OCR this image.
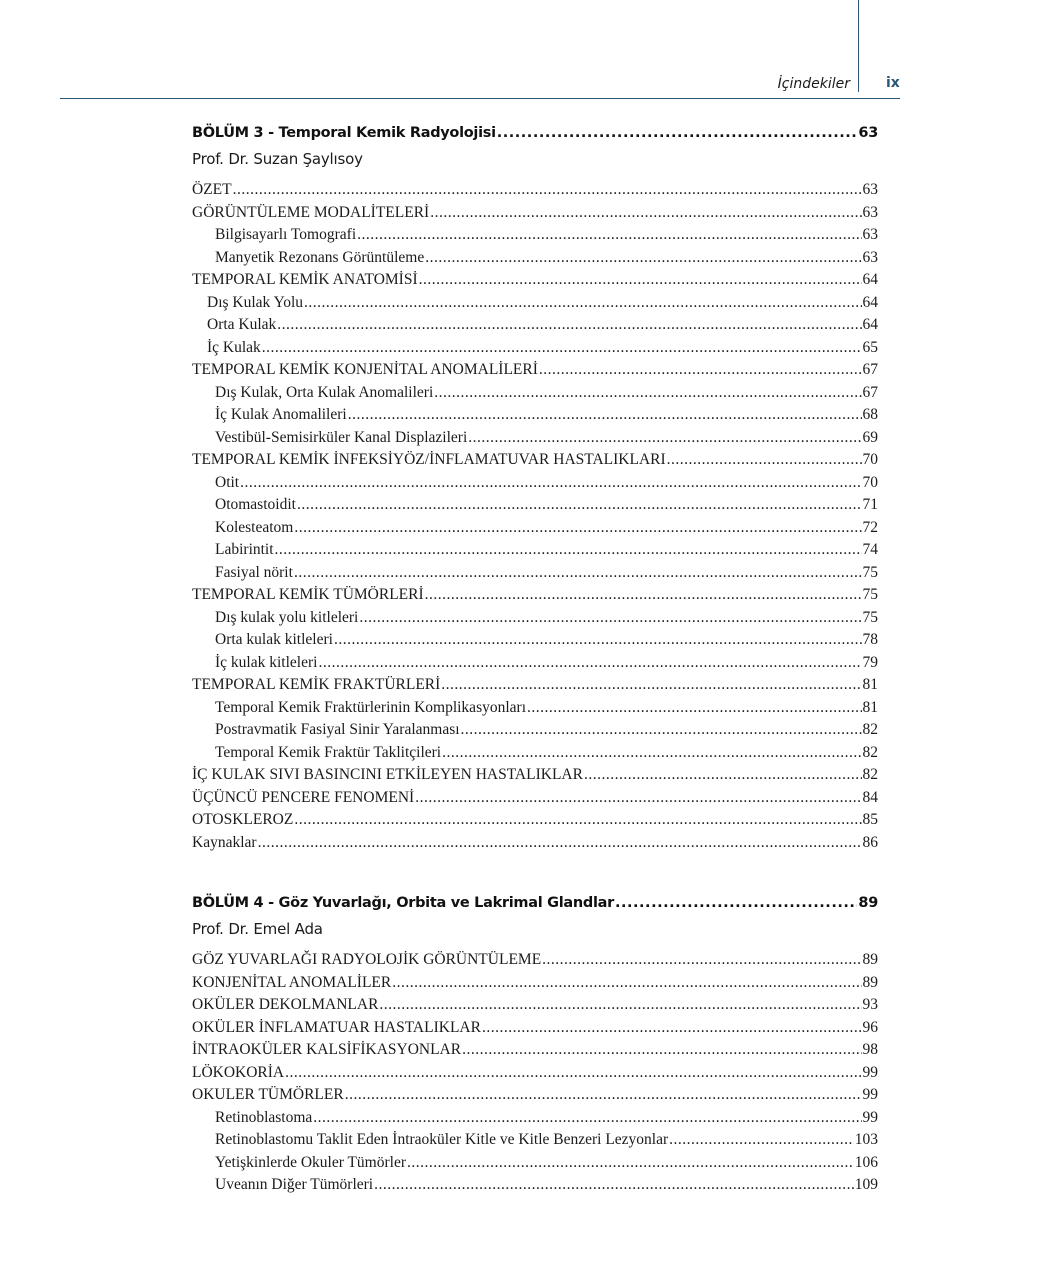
İçindekiler	ix
BÖLÜM 3 - Temporal Kemik Radyolojisi .....	63
Prof. Dr. Suzan Şaylısoy
ÖZET .....	63
GÖRÜNTÜLEME MODALİTELERİ .....	63
Bilgisayarlı Tomografi .....	63
Manyetik Rezonans Görüntüleme .....	63
TEMPORAL KEMİK ANATOMİSİ .....	64
Dış Kulak Yolu .....	64
Orta Kulak .....	64
İç Kulak .....	65
TEMPORAL KEMİK KONJENİTAL ANOMALİLERİ .....	67
Dış Kulak, Orta Kulak Anomalileri .....	67
İç Kulak Anomalileri .....	68
Vestibül-Semisirküler Kanal Displazileri .....	69
TEMPORAL KEMİK İNFEKSİYÖZ/İNFLAMATUVAR HASTALIKLARI .....	70
Otit .....	70
Otomastoidit .....	71
Kolesteatom .....	72
Labirintit .....	74
Fasiyal nörit .....	75
TEMPORAL KEMİK TÜMÖRLERİ .....	75
Dış kulak yolu kitleleri .....	75
Orta kulak kitleleri .....	78
İç kulak kitleleri .....	79
TEMPORAL KEMİK FRAKTÜRLERİ .....	81
Temporal Kemik Fraktürlerinin Komplikasyonları .....	81
Postravmatik Fasiyal Sinir Yaralanması .....	82
Temporal Kemik Fraktür Taklitçileri .....	82
İÇ KULAK SIVI BASINCINI ETKİLEYEN HASTALIKLAR .....	82
ÜÇÜNCÜ PENCERE FENOMENİ .....	84
OTOSKLEROZ .....	85
Kaynaklar .....	86
BÖLÜM 4 - Göz Yuvarlağı, Orbita ve Lakrimal Glandlar .....	89
Prof. Dr. Emel Ada
GÖZ YUVARLAĞI RADYOLOJİK GÖRÜNTÜLEME .....	89
KONJENİTAL ANOMALİLER .....	89
OKÜLER DEKOLMANLAR .....	93
OKÜLER İNFLAMATUAR HASTALIKLAR .....	96
İNTRAOKÜLER KALSİFİKASYONLAR .....	98
LÖKOKORİA .....	99
OKULER TÜMÖRLER .....	99
Retinoblastoma .....	99
Retinoblastomu Taklit Eden İntraoküler Kitle ve Kitle Benzeri Lezyonlar .....	103
Yetişkinlerde Okuler Tümörler .....	106
Uveanın Diğer Tümörleri .....	109
